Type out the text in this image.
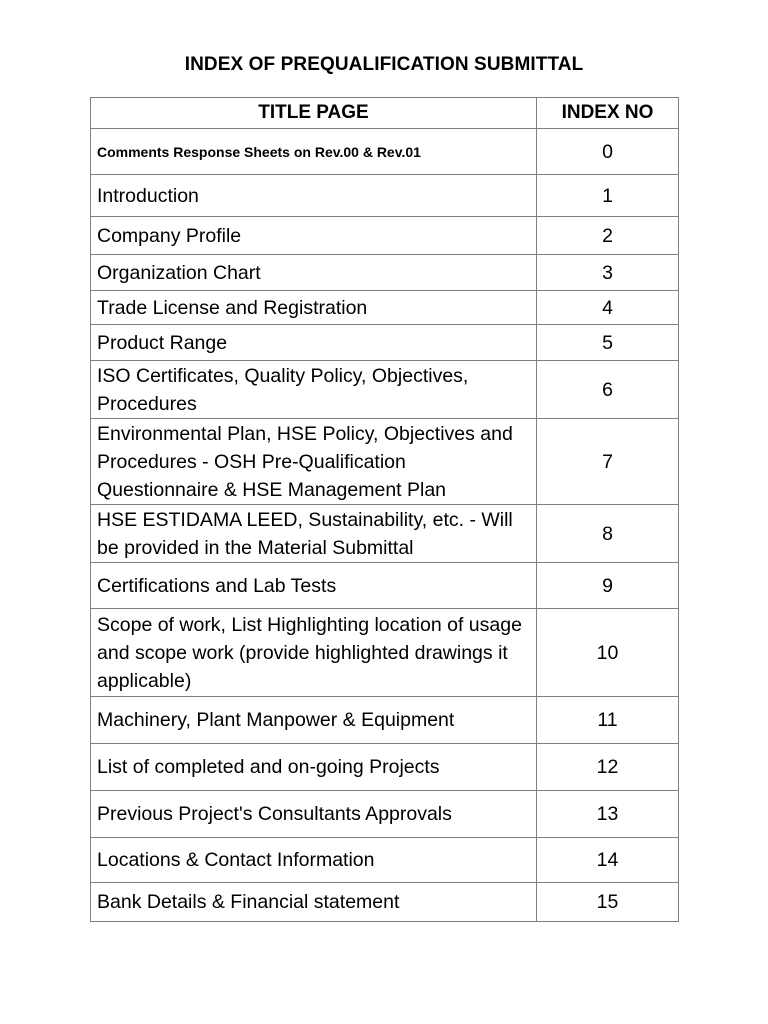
INDEX OF PREQUALIFICATION SUBMITTAL
TITLE PAGE	INDEX NO
Comments Response Sheets on Rev.00 & Rev.01	0
Introduction	1
Company Profile	2
Organization Chart	3
Trade License and Registration	4
Product Range	5
ISO Certificates, Quality Policy, Objectives, Procedures	6
Environmental Plan, HSE Policy, Objectives and Procedures - OSH Pre-Qualification Questionnaire & HSE Management Plan	7
HSE ESTIDAMA LEED, Sustainability, etc. - Will be provided in the Material Submittal	8
Certifications and Lab Tests	9
Scope of work, List Highlighting location of usage and scope work (provide highlighted drawings it applicable)	10
Machinery, Plant Manpower & Equipment	11
List of completed and on-going Projects	12
Previous Project's Consultants Approvals	13
Locations & Contact Information	14
Bank Details & Financial statement	15
